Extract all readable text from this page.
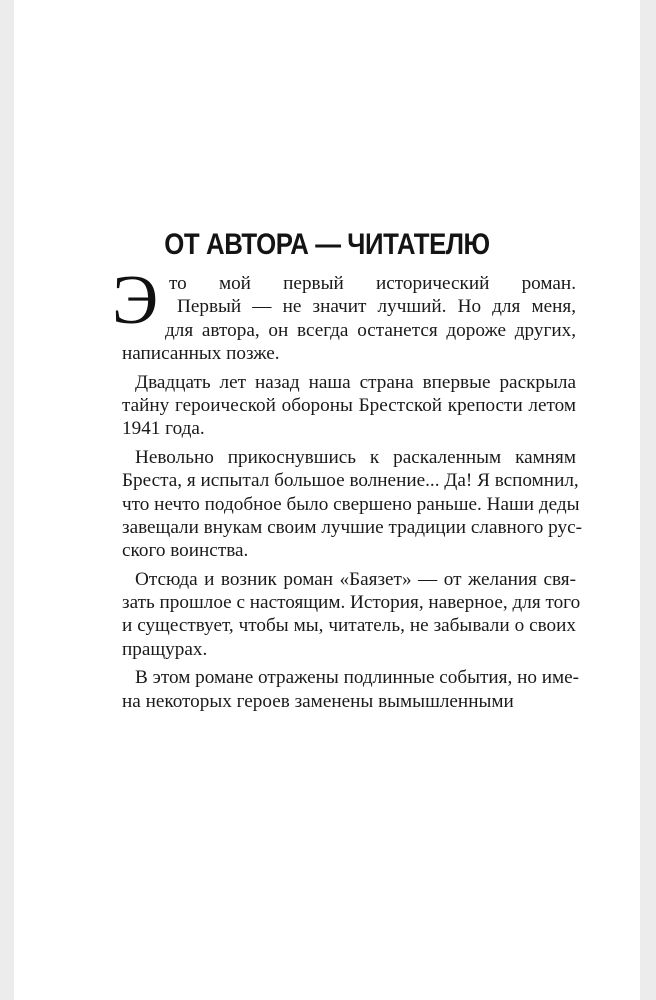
ОТ АВТОРА — ЧИТАТЕЛЮ
Э то мой первый исторический роман.
Первый — не значит лучший. Но для меня,
для автора, он всегда останется дороже других,
написанных позже.
Двадцать лет назад наша страна впервые раскрыла
тайну героической обороны Брестской крепости летом
1941 года.
Невольно прикоснувшись к раскаленным камням
Бреста, я испытал большое волнение... Да! Я вспомнил,
что нечто подобное было свершено раньше. Наши деды
завещали внукам своим лучшие традиции славного рус-
ского воинства.
Отсюда и возник роман «Баязет» — от желания свя-
зать прошлое с настоящим. История, наверное, для того
и существует, чтобы мы, читатель, не забывали о своих
пращурах.
В этом романе отражены подлинные события, но име-
на некоторых героев заменены вымышленными
